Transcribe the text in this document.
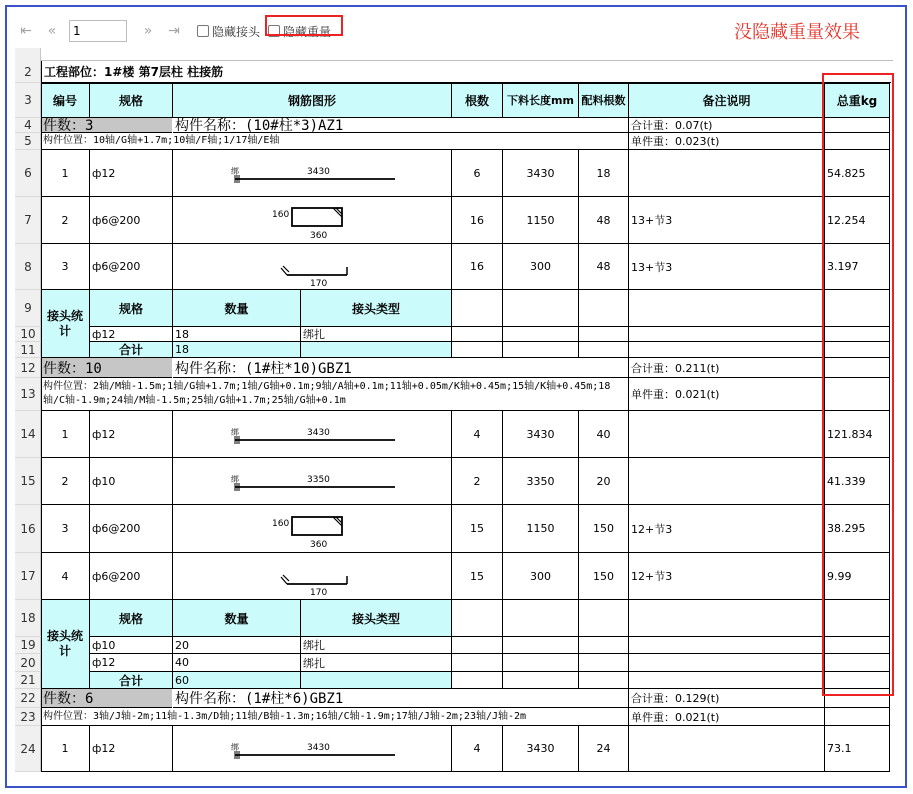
⇤	«
1	»	⇥	隐藏接头 隐藏重量	没隐藏重量效果
2
3
4
5
6
7
8
9
10
11
12
13
14
15
16
17
18
19
20
21
22
23
24
工程部位：1#楼 第7层柱 柱接筋
编号	规格	钢筋图形	根数	下料长度mm 配料根数	备注说明	总重kg
件数：3	构件名称：(10#柱*3)AZ1	合计重：0.07(t)
构件位置：10轴/G轴+1.7m;10轴/F轴;1/17轴/E轴	单件重：0.023(t)
1	ф12	绑	3430	6	3430	18	54.825
2	ф6@200	160
360
16	1150	48	13+节3	12.254
3	ф6@200
170
16	300	48	13+节3	3.197
接头统计
规格	数量	接头类型
ф12	18	绑扎
合计	18
件数：10	构件名称：(1#柱*10)GBZ1	合计重：0.211(t)
构件位置：2轴/M轴-1.5m;1轴/G轴+1.7m;1轴/G轴+0.1m;9轴/A轴+0.1m;11轴+0.05m/K轴+0.45m;15轴/K轴+0.45m;18轴/C轴-1.9m;24轴/M轴-1.5m;25轴/G轴+1.7m;25轴/G轴+0.1m	单件重：0.021(t)
1	ф12	绑	3430	4	3430	40	121.834
2	ф10	绑	3350	2	3350	20	41.339
3	ф6@200	160
360
15	1150	150	12+节3	38.295
4	ф6@200
170
15	300	150	12+节3	9.99
接头统计
规格	数量	接头类型
ф10	20	绑扎
ф12	40	绑扎
合计	60
件数：6	构件名称：(1#柱*6)GBZ1	合计重：0.129(t)
构件位置：3轴/J轴-2m;11轴-1.3m/D轴;11轴/B轴-1.3m;16轴/C轴-1.9m;17轴/J轴-2m;23轴/J轴-2m	单件重：0.021(t)
1	ф12	绑	3430	4	3430	24	73.1
